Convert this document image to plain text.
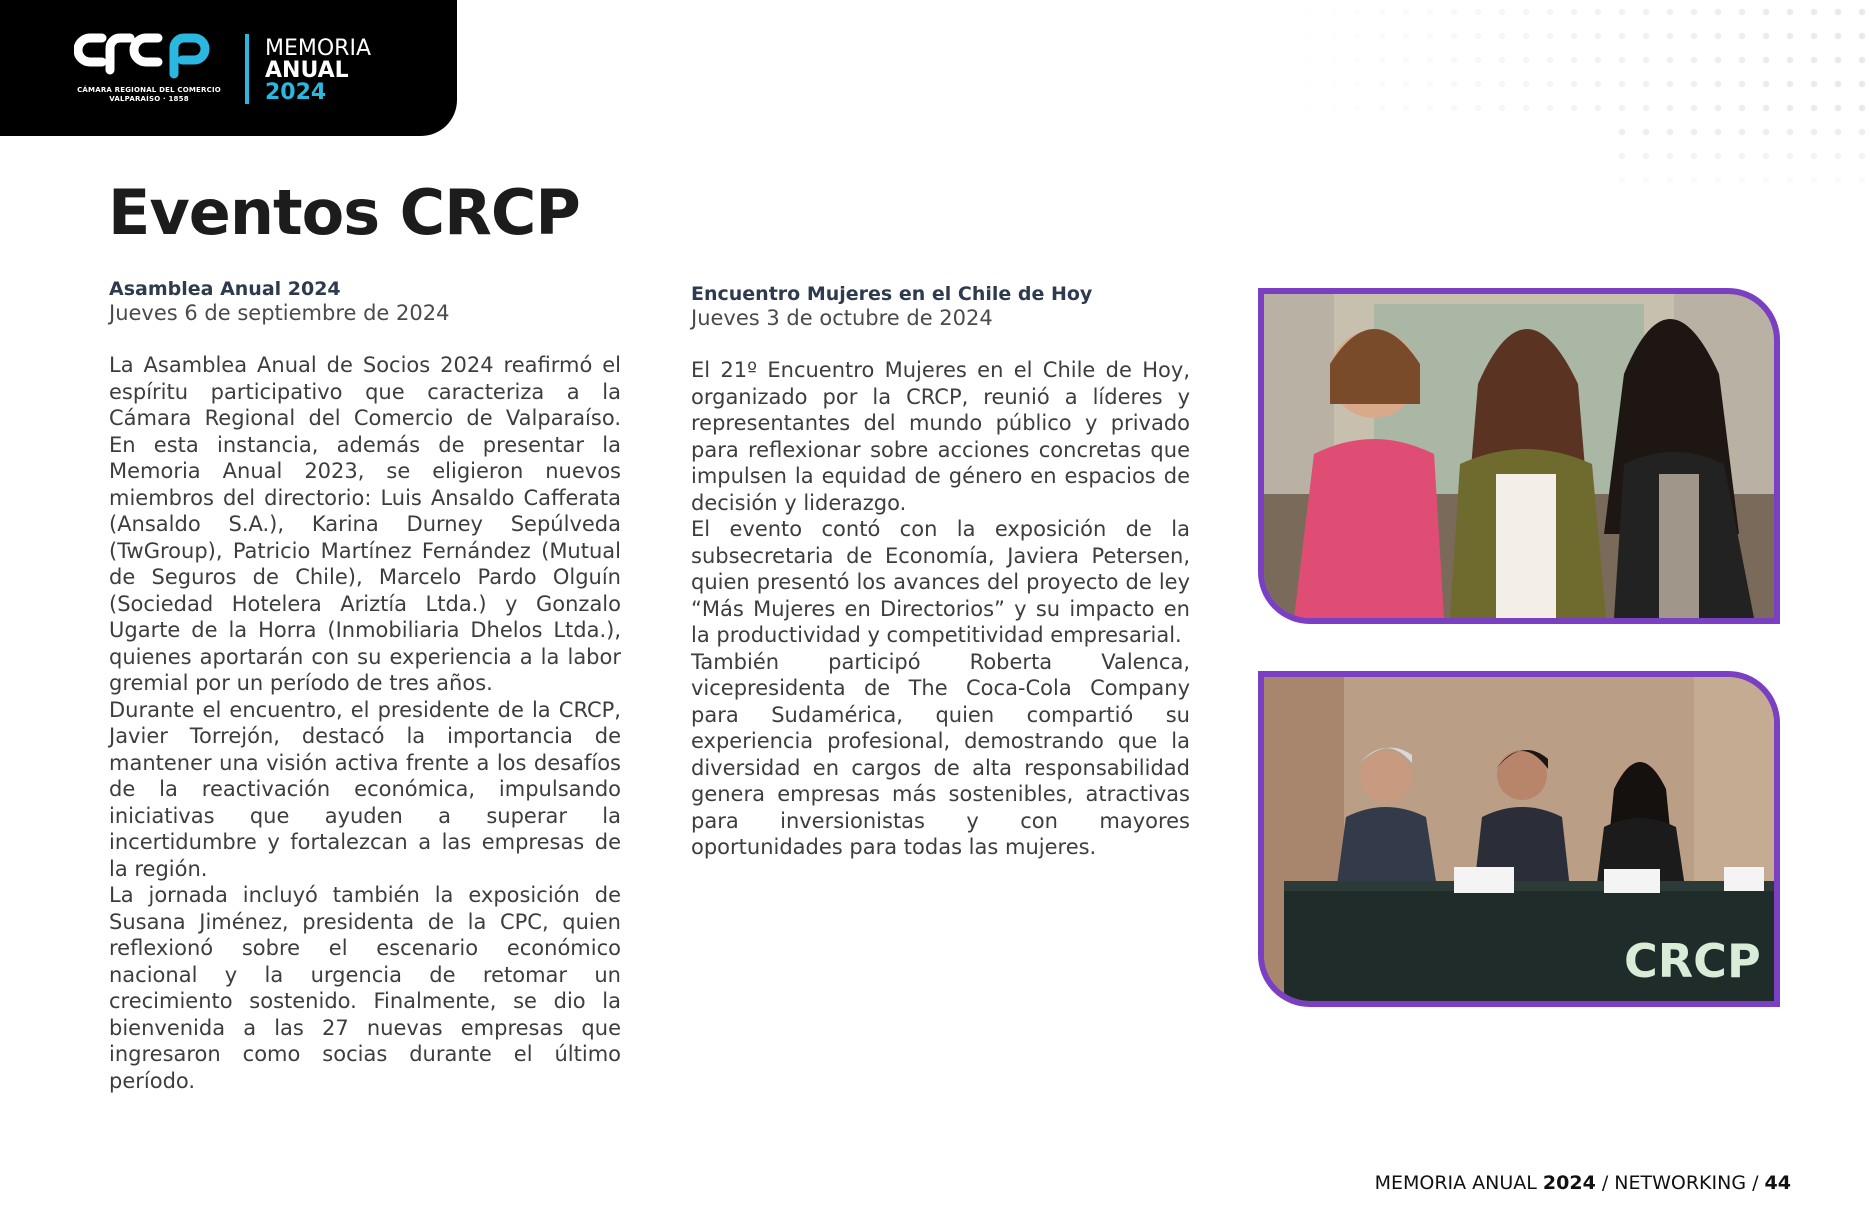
CÁMARA REGIONAL DEL COMERCIO
VALPARAÍSO · 1858
MEMORIA
ANUAL
2024
Eventos CRCP

Asamblea Anual 2024

Jueves 6 de septiembre de 2024

La Asamblea Anual de Socios 2024 reafirmó el espíritu participativo que caracteriza a la Cámara Regional del Comercio de Valparaíso. En esta instancia, además de presentar la Memoria Anual 2023, se eligieron nuevos miembros del directorio: Luis Ansaldo Cafferata (Ansaldo S.A.), Karina Durney Sepúlveda (TwGroup), Patricio Martínez Fernández (Mutual de Seguros de Chile), Marcelo Pardo Olguín (Sociedad Hotelera Ariztía Ltda.) y Gonzalo Ugarte de la Horra (Inmobiliaria Dhelos Ltda.), quienes aportarán con su experiencia a la labor gremial por un período de tres años.

Durante el encuentro, el presidente de la CRCP, Javier Torrejón, destacó la importancia de mantener una visión activa frente a los desafíos de la reactivación económica, impulsando iniciativas que ayuden a superar la incertidumbre y fortalezcan a las empresas de la región.

La jornada incluyó también la exposición de Susana Jiménez, presidenta de la CPC, quien reflexionó sobre el escenario económico nacional y la urgencia de retomar un crecimiento sostenido. Finalmente, se dio la bienvenida a las 27 nuevas empresas que ingresaron como socias durante el último período.

Encuentro Mujeres en el Chile de Hoy

Jueves 3 de octubre de 2024

El 21º Encuentro Mujeres en el Chile de Hoy, organizado por la CRCP, reunió a líderes y representantes del mundo público y privado para reflexionar sobre acciones concretas que impulsen la equidad de género en espacios de decisión y liderazgo.

El evento contó con la exposición de la subsecretaria de Economía, Javiera Petersen, quien presentó los avances del proyecto de ley “Más Mujeres en Directorios” y su impacto en la productividad y competitividad empresarial.

También participó Roberta Valenca, vicepresidenta de The Coca-Cola Company para Sudamérica, quien compartió su experiencia profesional, demostrando que la diversidad en cargos de alta responsabilidad genera empresas más sostenibles, atractivas para inversionistas y con mayores oportunidades para todas las mujeres.

CRCP
MEMORIA ANUAL 2024 / NETWORKING / 44
